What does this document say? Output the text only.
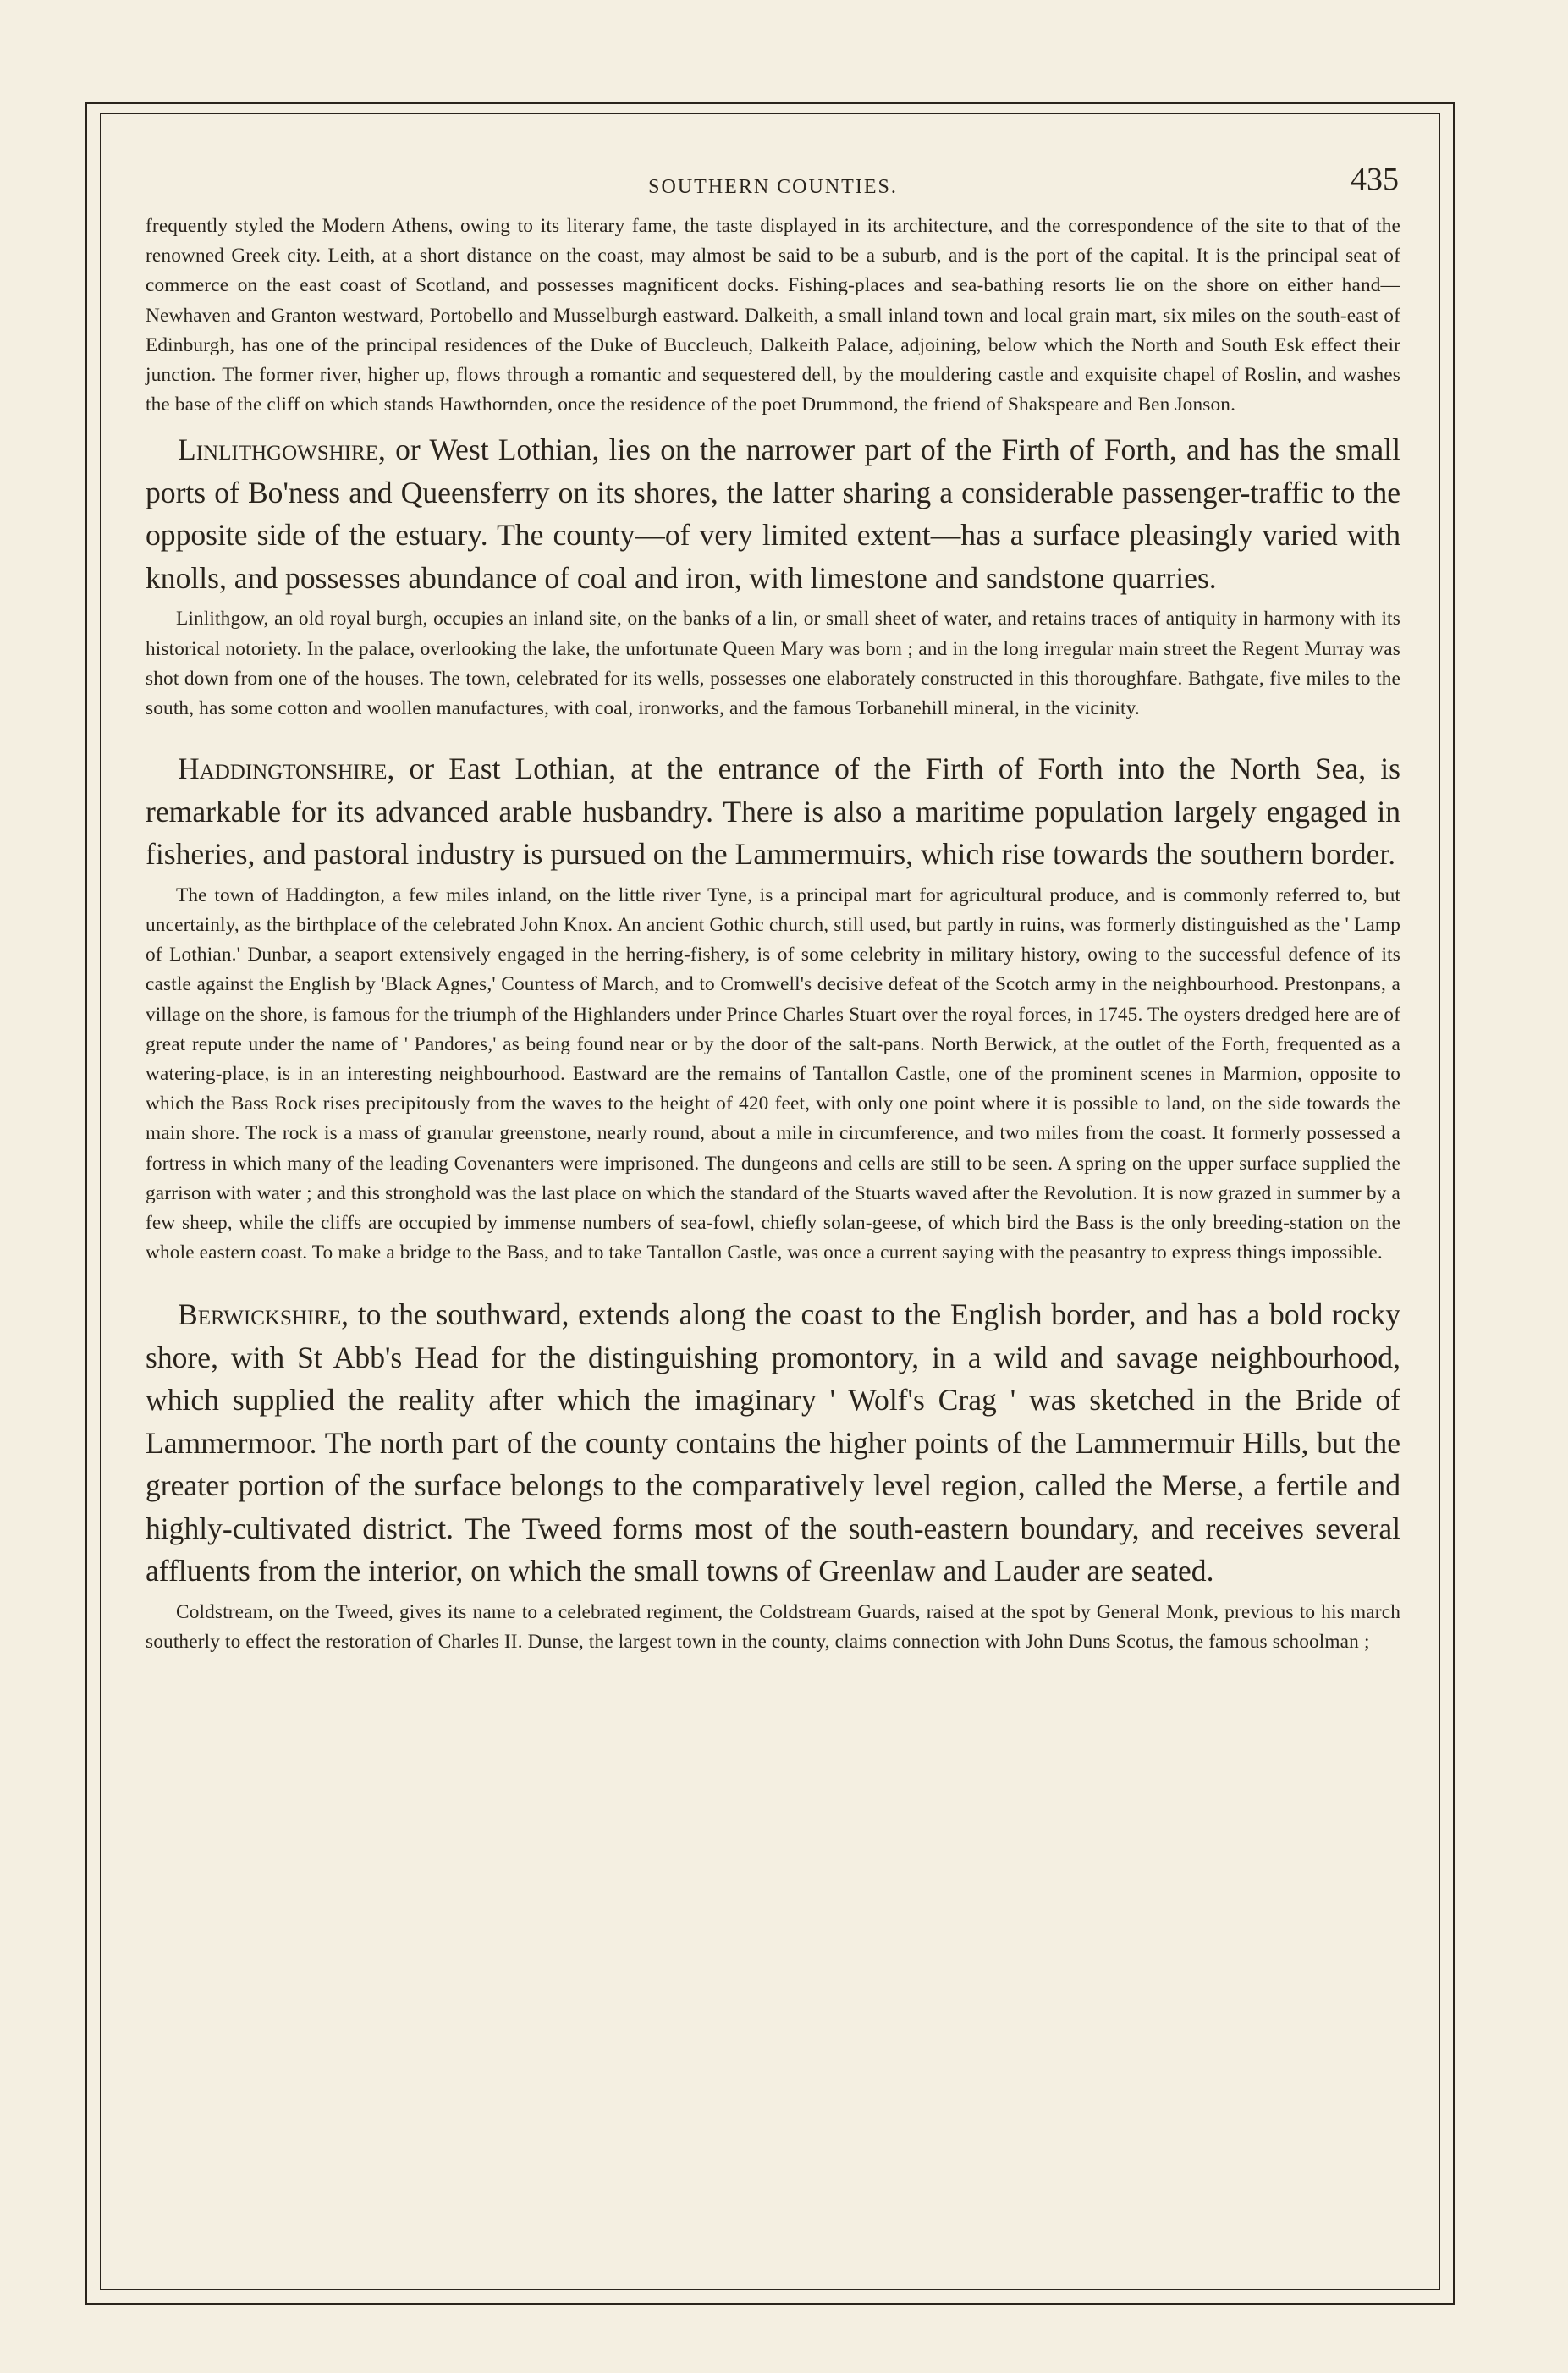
SOUTHERN COUNTIES.	435

frequently styled the Modern Athens, owing to its literary fame, the taste displayed in its architecture, and the correspondence of the site to that of the renowned Greek city. Leith, at a short distance on the coast, may almost be said to be a suburb, and is the port of the capital. It is the principal seat of commerce on the east coast of Scotland, and possesses magnificent docks. Fishing-places and sea-bathing resorts lie on the shore on either hand—Newhaven and Granton westward, Portobello and Musselburgh eastward. Dalkeith, a small inland town and local grain mart, six miles on the south-east of Edinburgh, has one of the principal residences of the Duke of Buccleuch, Dalkeith Palace, adjoining, below which the North and South Esk effect their junction. The former river, higher up, flows through a romantic and sequestered dell, by the mouldering castle and exquisite chapel of Roslin, and washes the base of the cliff on which stands Hawthornden, once the residence of the poet Drummond, the friend of Shakspeare and Ben Jonson.

Linlithgowshire, or West Lothian, lies on the narrower part of the Firth of Forth, and has the small ports of Bo'ness and Queensferry on its shores, the latter sharing a considerable passenger-traffic to the opposite side of the estuary. The county—of very limited extent—has a surface pleasingly varied with knolls, and possesses abundance of coal and iron, with limestone and sandstone quarries.

Linlithgow, an old royal burgh, occupies an inland site, on the banks of a lin, or small sheet of water, and retains traces of antiquity in harmony with its historical notoriety. In the palace, overlooking the lake, the unfortunate Queen Mary was born ; and in the long irregular main street the Regent Murray was shot down from one of the houses. The town, celebrated for its wells, possesses one elaborately constructed in this thoroughfare. Bathgate, five miles to the south, has some cotton and woollen manufactures, with coal, ironworks, and the famous Torbanehill mineral, in the vicinity.

Haddingtonshire, or East Lothian, at the entrance of the Firth of Forth into the North Sea, is remarkable for its advanced arable husbandry. There is also a maritime population largely engaged in fisheries, and pastoral industry is pursued on the Lammermuirs, which rise towards the southern border.

The town of Haddington, a few miles inland, on the little river Tyne, is a principal mart for agricultural produce, and is commonly referred to, but uncertainly, as the birthplace of the celebrated John Knox. An ancient Gothic church, still used, but partly in ruins, was formerly distinguished as the ' Lamp of Lothian.' Dunbar, a seaport extensively engaged in the herring-fishery, is of some celebrity in military history, owing to the successful defence of its castle against the English by 'Black Agnes,' Countess of March, and to Cromwell's decisive defeat of the Scotch army in the neighbourhood. Prestonpans, a village on the shore, is famous for the triumph of the Highlanders under Prince Charles Stuart over the royal forces, in 1745. The oysters dredged here are of great repute under the name of ' Pandores,' as being found near or by the door of the salt-pans. North Berwick, at the outlet of the Forth, frequented as a watering-place, is in an interesting neighbourhood. Eastward are the remains of Tantallon Castle, one of the prominent scenes in Marmion, opposite to which the Bass Rock rises precipitously from the waves to the height of 420 feet, with only one point where it is possible to land, on the side towards the main shore. The rock is a mass of granular greenstone, nearly round, about a mile in circumference, and two miles from the coast. It formerly possessed a fortress in which many of the leading Covenanters were imprisoned. The dungeons and cells are still to be seen. A spring on the upper surface supplied the garrison with water ; and this stronghold was the last place on which the standard of the Stuarts waved after the Revolution. It is now grazed in summer by a few sheep, while the cliffs are occupied by immense numbers of sea-fowl, chiefly solan-geese, of which bird the Bass is the only breeding-station on the whole eastern coast. To make a bridge to the Bass, and to take Tantallon Castle, was once a current saying with the peasantry to express things impossible.

Berwickshire, to the southward, extends along the coast to the English border, and has a bold rocky shore, with St Abb's Head for the distinguishing promontory, in a wild and savage neighbourhood, which supplied the reality after which the imaginary ' Wolf's Crag ' was sketched in the Bride of Lammermoor. The north part of the county contains the higher points of the Lammermuir Hills, but the greater portion of the surface belongs to the comparatively level region, called the Merse, a fertile and highly-cultivated district. The Tweed forms most of the south-eastern boundary, and receives several affluents from the interior, on which the small towns of Greenlaw and Lauder are seated.

Coldstream, on the Tweed, gives its name to a celebrated regiment, the Coldstream Guards, raised at the spot by General Monk, previous to his march southerly to effect the restoration of Charles II. Dunse, the largest town in the county, claims connection with John Duns Scotus, the famous schoolman ;
